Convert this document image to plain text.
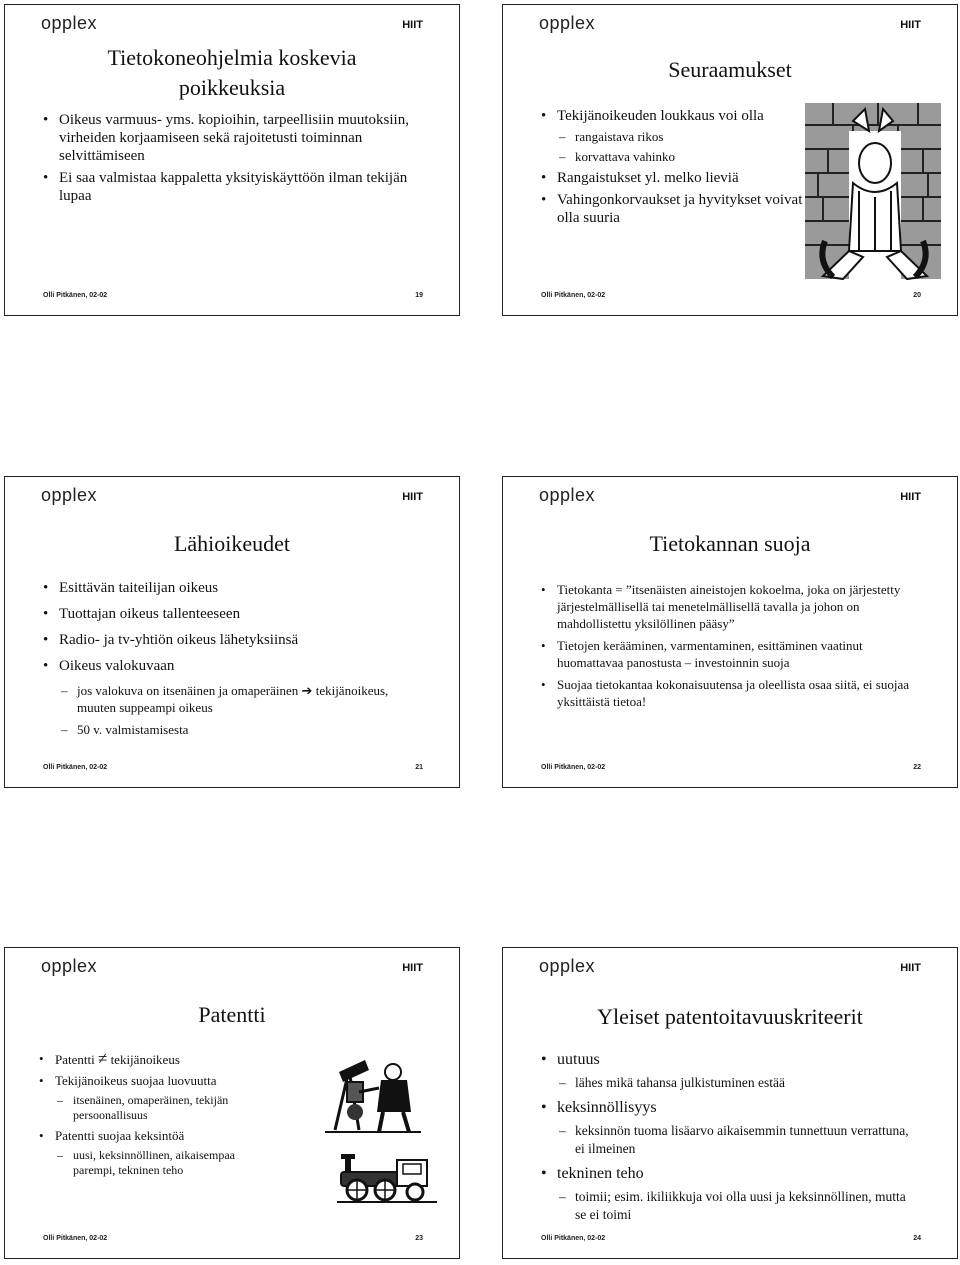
opplex	HIIT
Tietokoneohjelmia koskevia
poikkeuksia
• Oikeus varmuus- yms. kopioihin, tarpeellisiin muutoksiin, virheiden korjaamiseen sekä rajoitetusti toiminnan selvittämiseen
• Ei saa valmistaa kappaletta yksityiskäyttöön ilman tekijän lupaa
Olli Pitkänen, 02-02	19
opplex	HIIT
Seuraamukset
• Tekijänoikeuden loukkaus voi olla
– rangaistava rikos
– korvattava vahinko
• Rangaistukset yl. melko lieviä
• Vahingonkorvaukset ja hyvitykset voivat olla suuria
Olli Pitkänen, 02-02	20
opplex	HIIT
Lähioikeudet
• Esittävän taiteilijan oikeus
• Tuottajan oikeus tallenteeseen
• Radio- ja tv-yhtiön oikeus lähetyksiinsä
• Oikeus valokuvaan
– jos valokuva on itsenäinen ja omaperäinen ➔ tekijänoikeus, muuten suppeampi oikeus
– 50 v. valmistamisesta
Olli Pitkänen, 02-02	21
opplex	HIIT
Tietokannan suoja
• Tietokanta = ”itsenäisten aineistojen kokoelma, joka on järjestetty järjestelmällisellä tai menetelmällisellä tavalla ja johon on mahdollistettu yksilöllinen pääsy”
• Tietojen kerääminen, varmentaminen, esittäminen vaatinut huomattavaa panostusta – investoinnin suoja
• Suojaa tietokantaa kokonaisuutensa ja oleellista osaa siitä, ei suojaa yksittäistä tietoa!
Olli Pitkänen, 02-02	22
opplex	HIIT
Patentti
• Patentti ≠ tekijänoikeus
• Tekijänoikeus suojaa luovuutta
– itsenäinen, omaperäinen, tekijän persoonallisuus
• Patentti suojaa keksintöä
– uusi, keksinnöllinen, aikaisempaa parempi, tekninen teho
Olli Pitkänen, 02-02	23
opplex	HIIT
Yleiset patentoitavuuskriteerit
• uutuus
– lähes mikä tahansa julkistuminen estää
• keksinnöllisyys
– keksinnön tuoma lisäarvo aikaisemmin tunnettuun verrattuna, ei ilmeinen
• tekninen teho
– toimii; esim. ikiliikkuja voi olla uusi ja keksinnöllinen, mutta se ei toimi
Olli Pitkänen, 02-02	24
